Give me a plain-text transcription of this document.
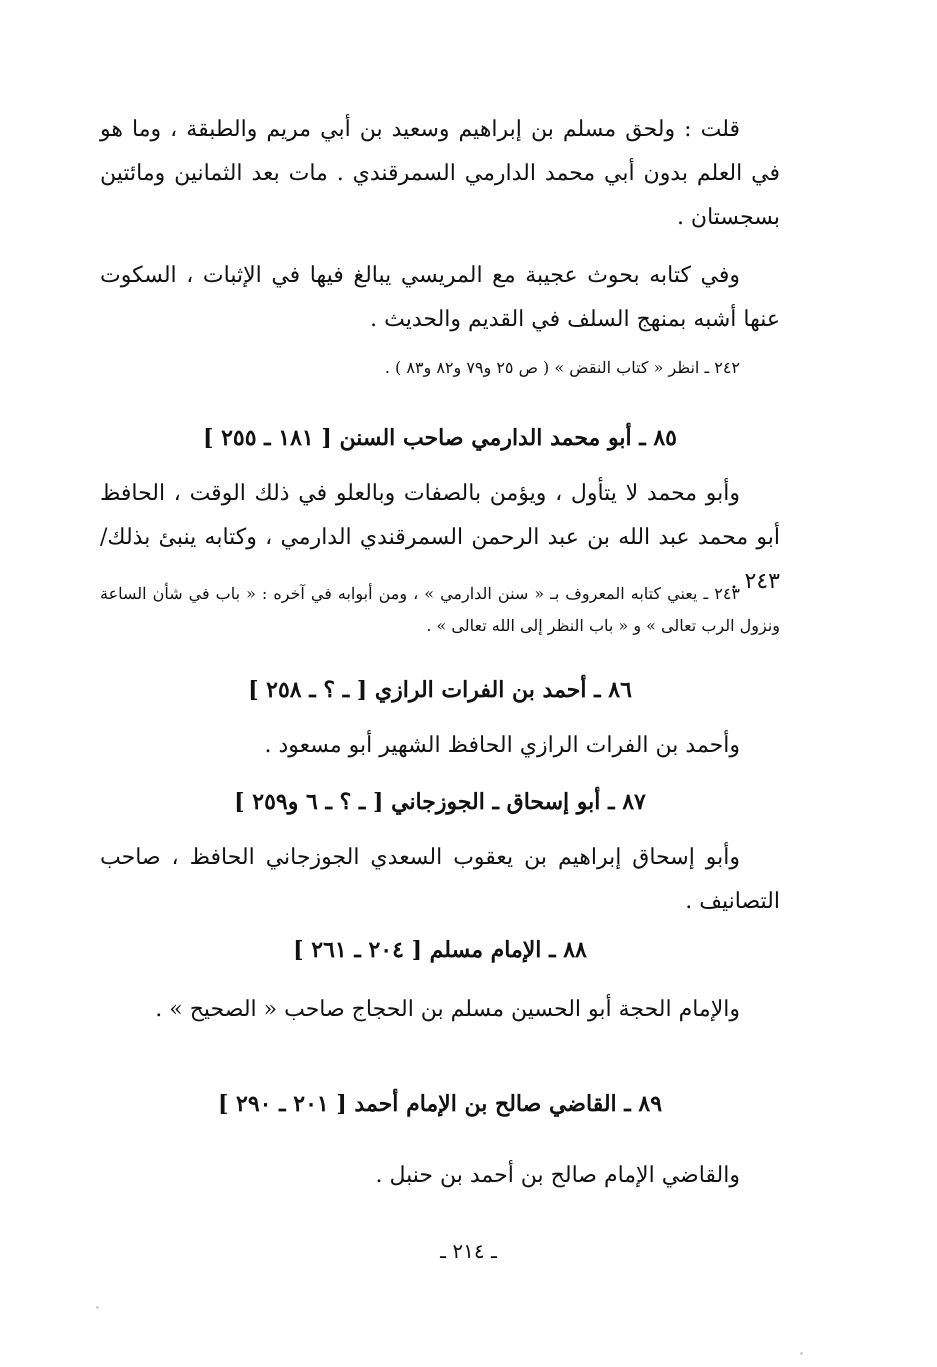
قلت : ولحق مسلم بن إبراهيم وسعيد بن أبي مريم والطبقة ، وما هو في العلم بدون أبي محمد الدارمي السمرقندي . مات بعد الثمانين ومائتين بسجستان .

وفي كتابه بحوث عجيبة مع المريسي يبالغ فيها في الإثبات ، السكوت عنها أشبه بمنهج السلف في القديم والحديث .

٢٤٢ ـ انظر « كتاب النقض » ( ص ٢٥ و٧٩ و٨٢ و٨٣ ) .

٨٥ ـ أبو محمد الدارمي صاحب السنن [ ١٨١ ـ ٢٥٥ ]

وأبو محمد لا يتأول ، ويؤمن بالصفات وبالعلو في ذلك الوقت ، الحافظ أبو محمد عبد الله بن عبد الرحمن السمرقندي الدارمي ، وكتابه ينبئ بذلك/ ٢٤٣ .

٢٤٣ ـ يعني كتابه المعروف بـ « سنن الدارمي » ، ومن أبوابه في آخره : « باب في شأن الساعة ونزول الرب تعالى » و « باب النظر إلى الله تعالى » .

٨٦ ـ أحمد بن الفرات الرازي [ ـ ؟ ـ ٢٥٨ ]

وأحمد بن الفرات الرازي الحافظ الشهير أبو مسعود .

٨٧ ـ أبو إسحاق ـ الجوزجاني [ ـ ؟ ـ ٦ و٢٥٩ ]

وأبو إسحاق إبراهيم بن يعقوب السعدي الجوزجاني الحافظ ، صاحب التصانيف .

٨٨ ـ الإمام مسلم [ ٢٠٤ ـ ٢٦١ ]

والإمام الحجة أبو الحسين مسلم بن الحجاج صاحب « الصحيح » .

٨٩ ـ القاضي صالح بن الإمام أحمد [ ٢٠١ ـ ٢٩٠ ]

والقاضي الإمام صالح بن أحمد بن حنبل .

ـ ٢١٤ ـ
